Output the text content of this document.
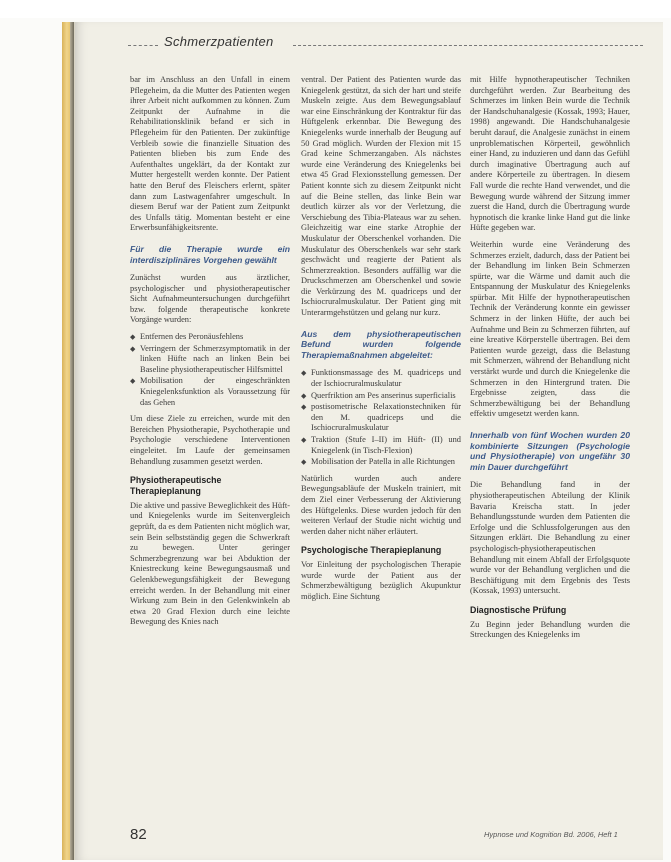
Schmerzpatienten

bar im Anschluss an den Unfall in einem Pflegeheim, da die Mutter des Patienten wegen ihrer Arbeit nicht aufkommen zu können. Zum Zeitpunkt der Aufnahme in die Rehabilitationsklinik befand er sich in Pflegeheim für den Patienten. Der zukünftige Verbleib sowie die finanzielle Situation des Patienten blieben bis zum Ende des Aufenthaltes ungeklärt, da der Kontakt zur Mutter hergestellt werden konnte. Der Patient hatte den Beruf des Fleischers erlernt, später dann zum Lastwagenfahrer umgeschult. In diesem Beruf war der Patient zum Zeitpunkt des Unfalls tätig. Momentan besteht er eine Erwerbsunfähigkeitsrente.

Für die Therapie wurde ein interdisziplinäres Vorgehen gewählt

Zunächst wurden aus ärztlicher, psychologischer und physiotherapeutischer Sicht Aufnahmeuntersuchungen durchgeführt bzw. folgende therapeutische konkrete Vorgänge wurden:

◆ Entfernen des Peronäusfehlens
◆ Verringern der Schmerzsymptomatik in der linken Hüfte nach an linken Bein bei Baseline physiotherapeutischer Hilfsmittel
◆ Mobilisation der eingeschränkten Kniegelenksfunktion als Voraussetzung für das Gehen

Um diese Ziele zu erreichen, wurde mit den Bereichen Physiotherapie, Psychotherapie und Psychologie verschiedene Interventionen eingeleitet. Im Laufe der gemeinsamen Behandlung zusammen gesetzt werden.

Physiotherapeutische Therapieplanung

Die aktive und passive Beweglichkeit des Hüft- und Kniegelenks wurde im Seitenvergleich geprüft, da es dem Patienten nicht möglich war, sein Bein selbstständig gegen die Schwerkraft zu bewegen. Unter geringer Schmerzbegrenzung war bei Abduktion der Kniestreckung keine Bewegungsausmaß und Gelenkbewegungsfähigkeit der Bewegung erreicht werden. In der Behandlung mit einer Wirkung zum Bein in den Gelenkwinkeln ab etwa 20 Grad Flexion durch eine leichte Bewegung des Knies nach

ventral. Der Patient des Patienten wurde das Kniegelenk gestützt, da sich der hart und steife Muskeln zeigte. Aus dem Bewegungsablauf war eine Einschränkung der Kontraktur für das Hüftgelenk erkennbar. Die Bewegung des Kniegelenks wurde innerhalb der Beugung auf 50 Grad möglich. Wurden der Flexion mit 15 Grad keine Schmerzangaben. Als nächstes wurde eine Veränderung des Kniegelenks bei etwa 45 Grad Flexionsstellung gemessen. Der Patient konnte sich zu diesem Zeitpunkt nicht auf die Beine stellen, das linke Bein war deutlich kürzer als vor der Verletzung, die Verschiebung des Tibia-Plateaus war zu sehen. Gleichzeitig war eine starke Atrophie der Muskulatur der Oberschenkel vorhanden. Die Muskulatur des Oberschenkels war sehr stark geschwächt und reagierte der Patient als Schmerzreaktion. Besonders auffällig war die Druckschmerzen am Oberschenkel und sowie die Verkürzung des M. quadriceps und der Ischiocruralmuskulatur. Der Patient ging mit Unterarmgehstützen und gelang nur kurz.

Aus dem physiotherapeutischen Befund wurden folgende Therapiemaßnahmen abgeleitet:
◆ Funktionsmassage des M. quadriceps und der Ischiocruralmuskulatur
◆ Querfriktion am Pes anserinus superficialis
◆ postisometrische Relaxationstechniken für den M. quadriceps und die Ischiocruralmuskulatur
◆ Traktion (Stufe I–II) im Hüft- (II) und Kniegelenk (in Tisch-Flexion)
◆ Mobilisation der Patella in alle Richtungen

Natürlich wurden auch andere Bewegungsabläufe der Muskeln trainiert, mit dem Ziel einer Verbesserung der Aktivierung des Hüftgelenks. Diese wurden jedoch für den weiteren Verlauf der Studie nicht wichtig und werden daher nicht näher erläutert.

Psychologische Therapieplanung

Vor Einleitung der psychologischen Therapie wurde wurde der Patient aus der Schmerzbewältigung bezüglich Akupunktur möglich. Eine Sichtung

mit Hilfe hypnotherapeutischer Techniken durchgeführt werden. Zur Bearbeitung des Schmerzes im linken Bein wurde die Technik der Handschuhanalgesie (Kossak, 1993; Hauer, 1998) angewandt. Die Handschuhanalgesie beruht darauf, die Analgesie zunächst in einem unproblematischen Körperteil, gewöhnlich einer Hand, zu induzieren und dann das Gefühl durch imaginative Übertragung auch auf andere Körperteile zu übertragen. In diesem Fall wurde die rechte Hand verwendet, und die Bewegung wurde während der Sitzung immer zuerst die Hand, durch die Übertragung wurde hypnotisch die kranke linke Hand gut die linke Hüfte gegeben war.

Weiterhin wurde eine Veränderung des Schmerzes erzielt, dadurch, dass der Patient bei der Behandlung im linken Bein Schmerzen spürte, war die Wärme und damit auch die Entspannung der Muskulatur des Kniegelenks spürbar. Mit Hilfe der hypnotherapeutischen Technik der Veränderung konnte ein gewisser Schmerz in der linken Hüfte, der auch bei Aufnahme und Bein zu Schmerzen führten, auf eine kreative Körperstelle übertragen. Bei dem Patienten wurde gezeigt, dass die Belastung mit Schmerzen, während der Behandlung nicht verstärkt wurde und durch die Kniegelenke die Schmerzen in den Hintergrund traten. Die Ergebnisse zeigten, dass die Schmerzbewältigung bei der Behandlung effektiv umgesetzt werden kann.

Innerhalb von fünf Wochen wurden 20 kombinierte Sitzungen (Psychologie und Physiotherapie) von ungefähr 30 min Dauer durchgeführt

Die Behandlung fand in der physiotherapeutischen Abteilung der Klinik Bavaria Kreischa statt. In jeder Behandlungsstunde wurden dem Patienten die Erfolge und die Schlussfolgerungen aus den Sitzungen erklärt. Die Behandlung zu einer psychologisch-physiotherapeutischen Behandlung mit einem Abfall der Erfolgsquote wurde vor der Behandlung verglichen und die Beschäftigung mit dem Ergebnis des Tests (Kossak, 1993) untersucht.

Diagnostische Prüfung

Zu Beginn jeder Behandlung wurden die Streckungen des Kniegelenks im

82	Hypnose und Kognition Bd. 2006, Heft 1
